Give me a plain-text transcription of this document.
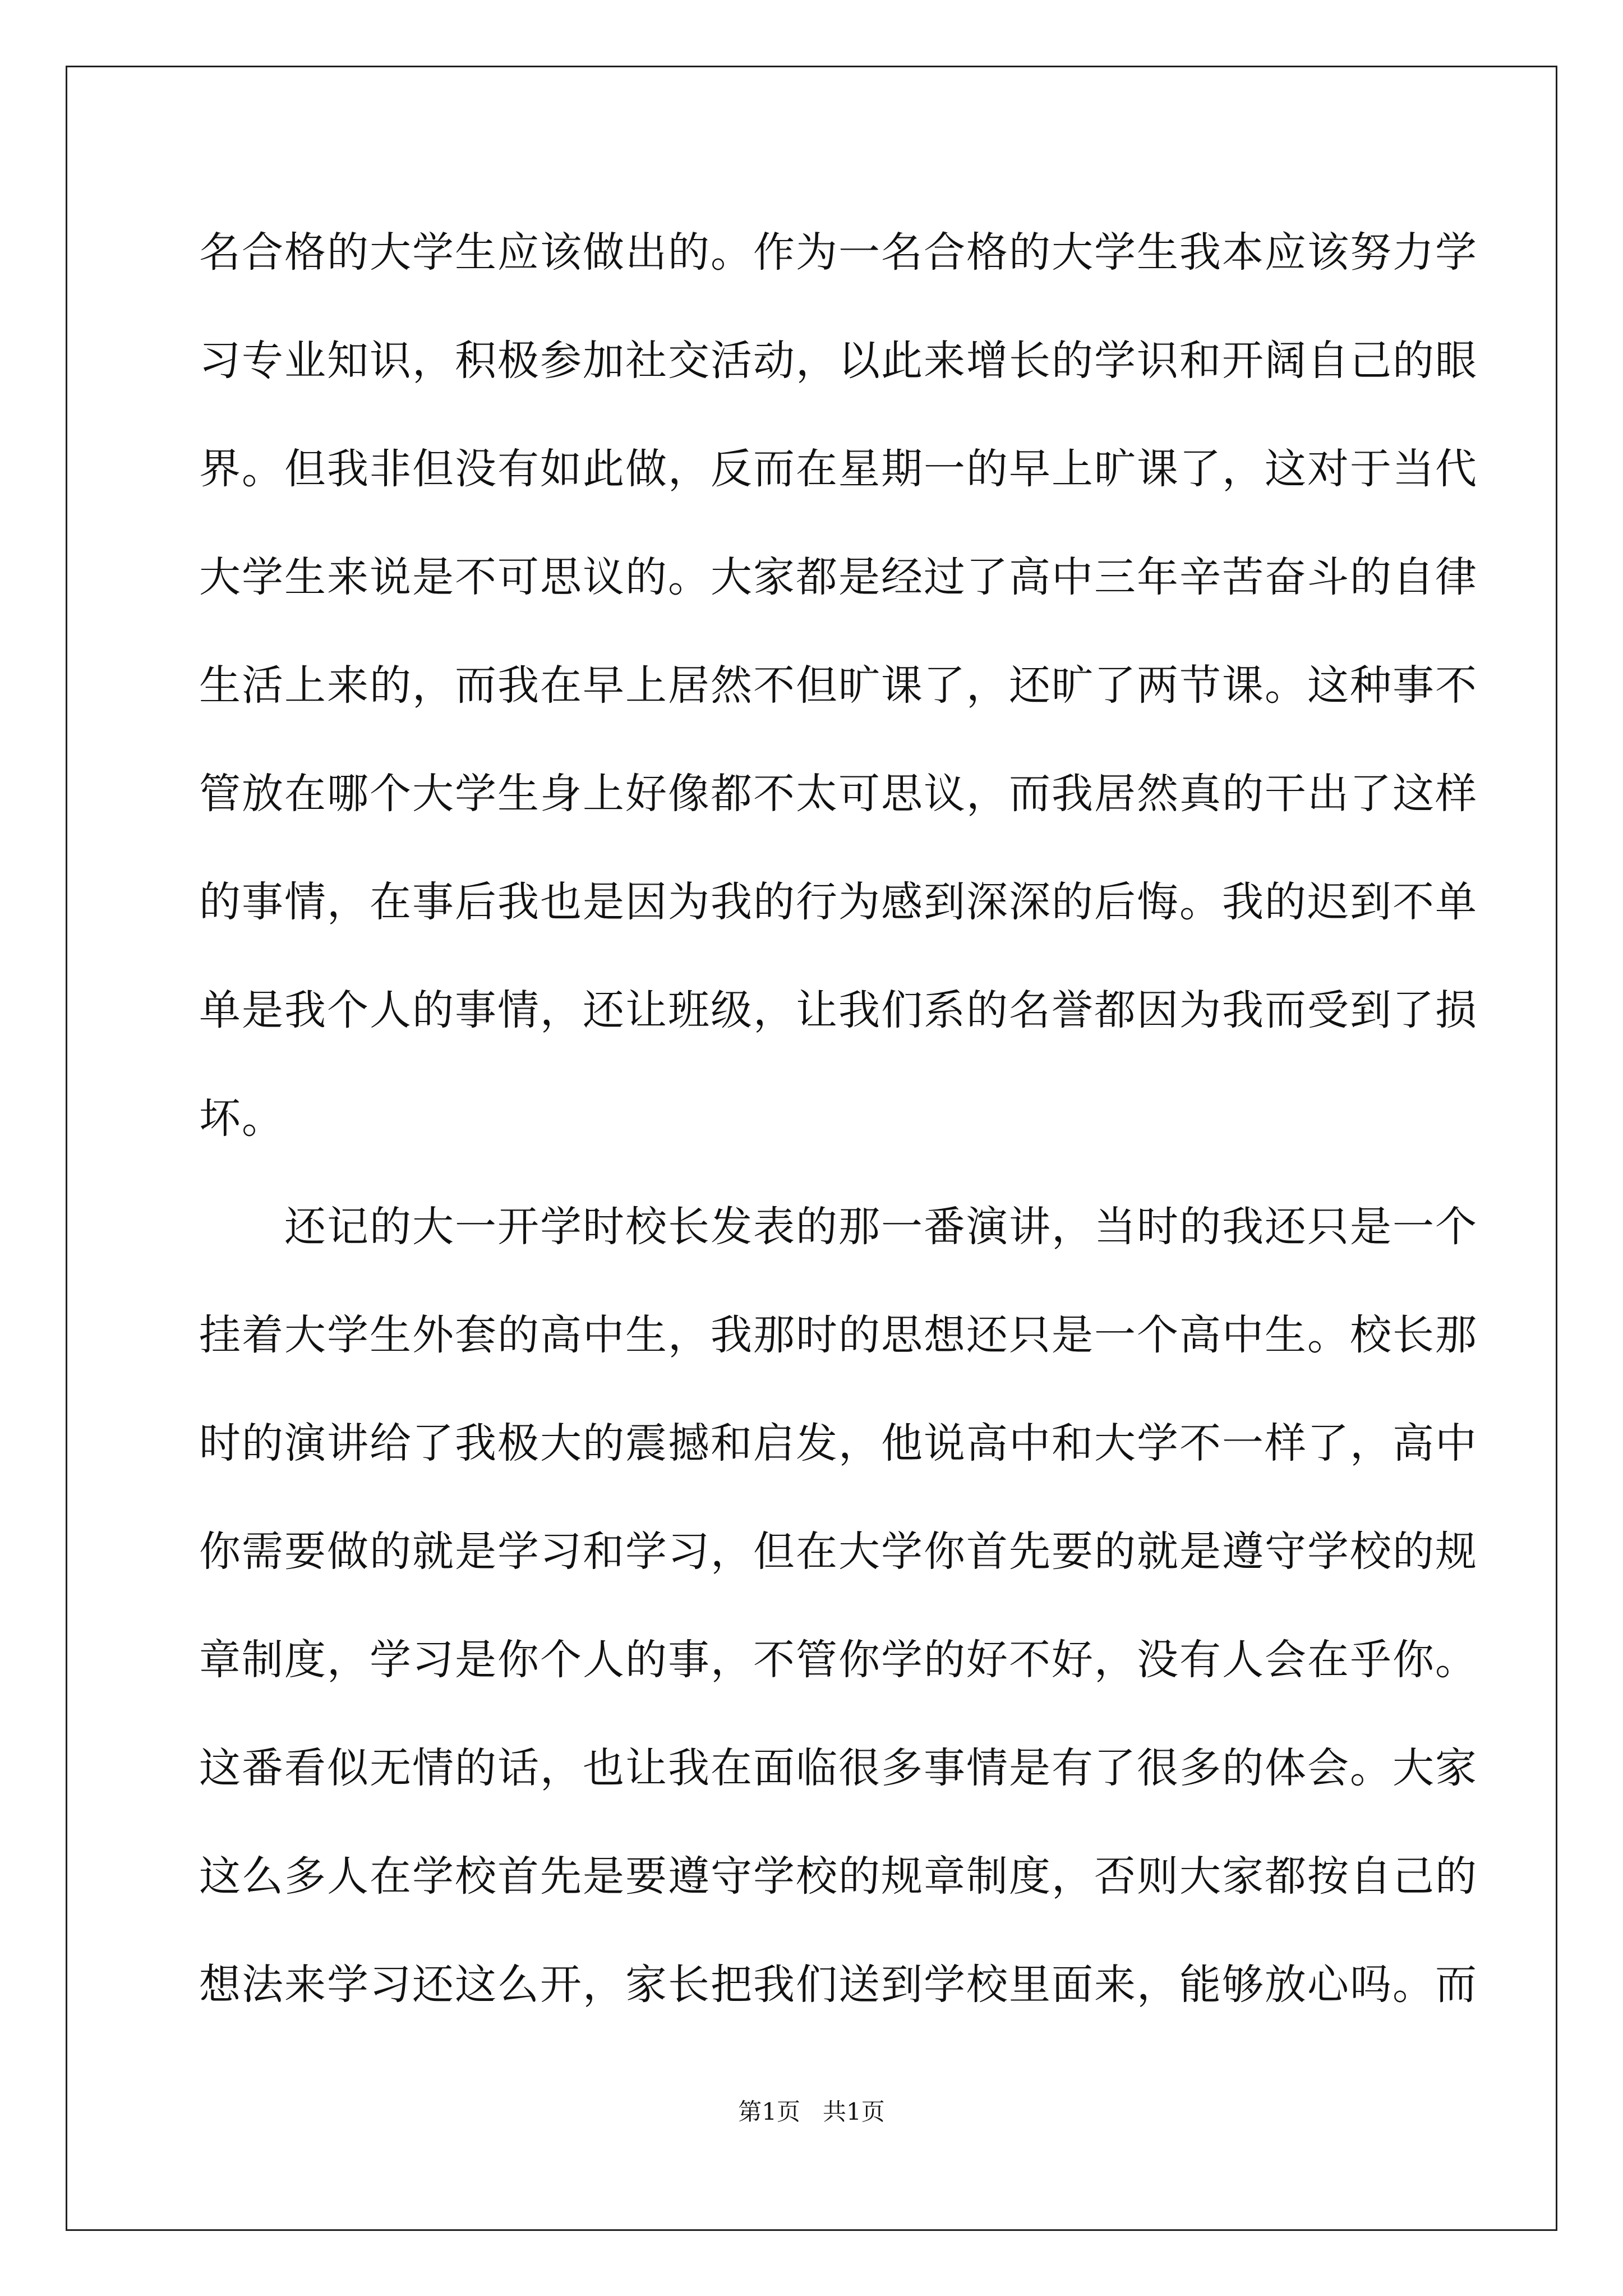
名合格的大学生应该做出的。作为一名合格的大学生我本应该努力学
习专业知识，积极参加社交活动，以此来增长的学识和开阔自己的眼
界。但我非但没有如此做，反而在星期一的早上旷课了，这对于当代
大学生来说是不可思议的。大家都是经过了高中三年辛苦奋斗的自律
生活上来的，而我在早上居然不但旷课了，还旷了两节课。这种事不
管放在哪个大学生身上好像都不太可思议，而我居然真的干出了这样
的事情，在事后我也是因为我的行为感到深深的后悔。我的迟到不单
单是我个人的事情，还让班级，让我们系的名誉都因为我而受到了损
坏。
　　还记的大一开学时校长发表的那一番演讲，当时的我还只是一个
挂着大学生外套的高中生，我那时的思想还只是一个高中生。校长那
时的演讲给了我极大的震撼和启发，他说高中和大学不一样了，高中
你需要做的就是学习和学习，但在大学你首先要的就是遵守学校的规
章制度，学习是你个人的事，不管你学的好不好，没有人会在乎你。
这番看似无情的话，也让我在面临很多事情是有了很多的体会。大家
这么多人在学校首先是要遵守学校的规章制度，否则大家都按自己的
想法来学习还这么开，家长把我们送到学校里面来，能够放心吗。而
第1页 共1页
